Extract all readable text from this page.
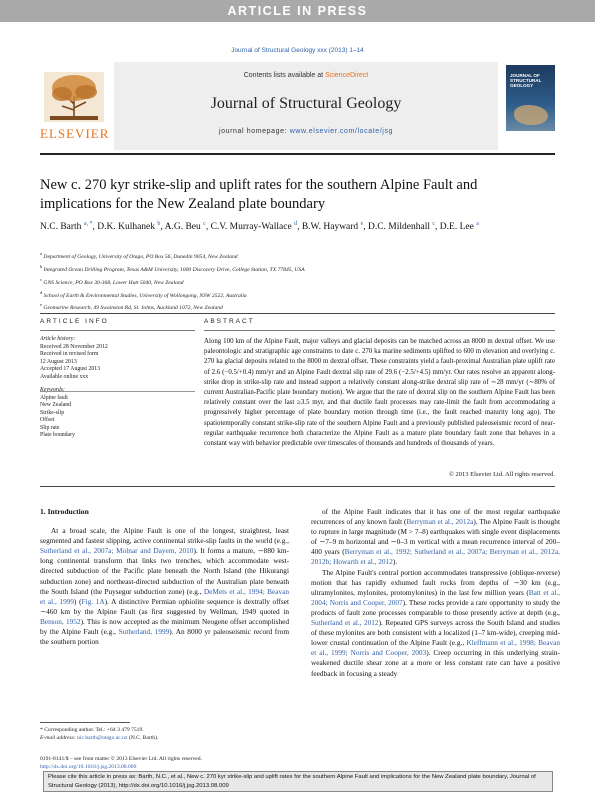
ARTICLE IN PRESS
Journal of Structural Geology xxx (2013) 1–14
ELSEVIER
Contents lists available at ScienceDirect
Journal of Structural Geology
journal homepage: www.elsevier.com/locate/jsg
JOURNAL OF STRUCTURAL GEOLOGY
New c. 270 kyr strike-slip and uplift rates for the southern Alpine Fault and implications for the New Zealand plate boundary
N.C. Barth $^{a, *}$, D.K. Kulhanek $^b$, A.G. Beu $^c$, C.V. Murray-Wallace $^d$, B.W. Hayward $^e$, D.C. Mildenhall $^c$, D.E. Lee $^a$
$^a$ Department of Geology, University of Otago, PO Box 56, Dunedin 9054, New Zealand
$^b$ Integrated Ocean Drilling Program, Texas A&M University, 1000 Discovery Drive, College Station, TX 77845, USA
$^c$ GNS Science, PO Box 30-368, Lower Hutt 5040, New Zealand
$^d$ School of Earth & Environmental Studies, University of Wollongong, NSW 2522, Australia
$^e$ Geomarine Research, 49 Swainston Rd, St. Johns, Auckland 1072, New Zealand
ARTICLE INFO	ABSTRACT
Article history:
Received 28 November 2012
Received in revised form
12 August 2013
Accepted 17 August 2013
Available online xxx
Keywords:
Alpine fault
New Zealand
Strike-slip
Offset
Slip rate
Plate boundary
Along 100 km of the Alpine Fault, major valleys and glacial deposits can be matched across an 8000 m dextral offset. We use paleontologic and stratigraphic age constraints to date c. 270 ka marine sediments uplifted to 600 m elevation and overlying c. 270 ka glacial deposits related to the 8000 m dextral offset. These constraints yield a fault-proximal Australian plate uplift rate of 2.6 (−0.5/+0.4) mm/yr and an Alpine Fault dextral slip rate of 29.6 (−2.5/+4.5) mm/yr. Our rates resolve an apparent along-strike drop in strike-slip rate and instead support a relatively constant along-strike dextral slip rate of ∼28 mm/yr (∼80% of current Australian-Pacific plate boundary motion). We argue that the rate of dextral slip on the southern Alpine Fault has been relatively constant over the last ≥3.5 myr, and that ductile fault processes may rate-limit the fault from accommodating a progressively higher percentage of plate boundary motion through time (i.e., the fault reached maturity long ago). The spatiotemporally constant strike-slip rate of the southern Alpine Fault and a previously published paleoseismic record of near-regular earthquake recurrence both characterize the Alpine Fault as a mature plate boundary fault zone that behaves in a constant way with behavior predictable over timescales of thousands and hundreds of thousands of years.
© 2013 Elsevier Ltd. All rights reserved.
1. Introduction

At a broad scale, the Alpine Fault is one of the longest, straightest, least segmented and fastest slipping, active continental strike-slip faults in the world (e.g., Sutherland et al., 2007a; Molnar and Dayem, 2010). It forms a mature, ∼880 km-long continental transform that links two trenches, which accommodate west-directed subduction of the Pacific plate beneath the North Island (the Hikurangi subduction zone) and northeast-directed subduction of the Australian plate beneath the South Island (the Puysegur subduction zone) (e.g., DeMets et al., 1994; Beavan et al., 1999) (Fig. 1A). A distinctive Permian ophiolite sequence is dextrally offset ∼460 km by the Alpine Fault (as first suggested by Wellman, 1949 quoted in Benson, 1952). This is now accepted as the minimum Neogene offset accomplished by the Alpine Fault (e.g., Sutherland, 1999). An 8000 yr paleoseismic record from the southern portion

of the Alpine Fault indicates that it has one of the most regular earthquake recurrences of any known fault (Berryman et al., 2012a). The Alpine Fault is thought to rupture in large magnitude (M > 7–8) earthquakes with single event displacements of ∼7–9 m horizontal and ∼0–3 m vertical with a mean recurrence interval of 200–400 years (Berryman et al., 1992; Sutherland et al., 2007a; Berryman et al., 2012a, 2012b; Howarth et al., 2012).

The Alpine Fault's central portion accommodates transpressive (oblique-reverse) motion that has rapidly exhumed fault rocks from depths of ∼30 km (e.g., ultramylonites, mylonites, protomylonites) in the last few million years (Batt et al., 2004; Norris and Cooper, 2007). These rocks provide a rare opportunity to study the products of fault zone processes comparable to those presently active at depth (e.g., Sutherland et al., 2012). Repeated GPS surveys across the South Island and studies of these mylonites are both consistent with a localized (1–7 km-wide), creeping mid-lower crustal continuation of the Alpine Fault (e.g., Kleffmann et al., 1998; Beavan et al., 1999; Norris and Cooper, 2003). Creep occurring in this underlying strain-weakened ductile shear zone at a more or less constant rate can have a positive feedback in focusing a steady

* Corresponding author. Tel.: +64 3 479 7519.
E-mail address: nic.barth@otago.ac.nz (N.C. Barth).
0191-8141/$ – see front matter © 2013 Elsevier Ltd. All rights reserved.
http://dx.doi.org/10.1016/j.jsg.2013.08.009
Please cite this article in press as: Barth, N.C., et al., New c. 270 kyr strike-slip and uplift rates for the southern Alpine Fault and implications for the New Zealand plate boundary, Journal of Structural Geology (2013), http://dx.doi.org/10.1016/j.jsg.2013.08.009
